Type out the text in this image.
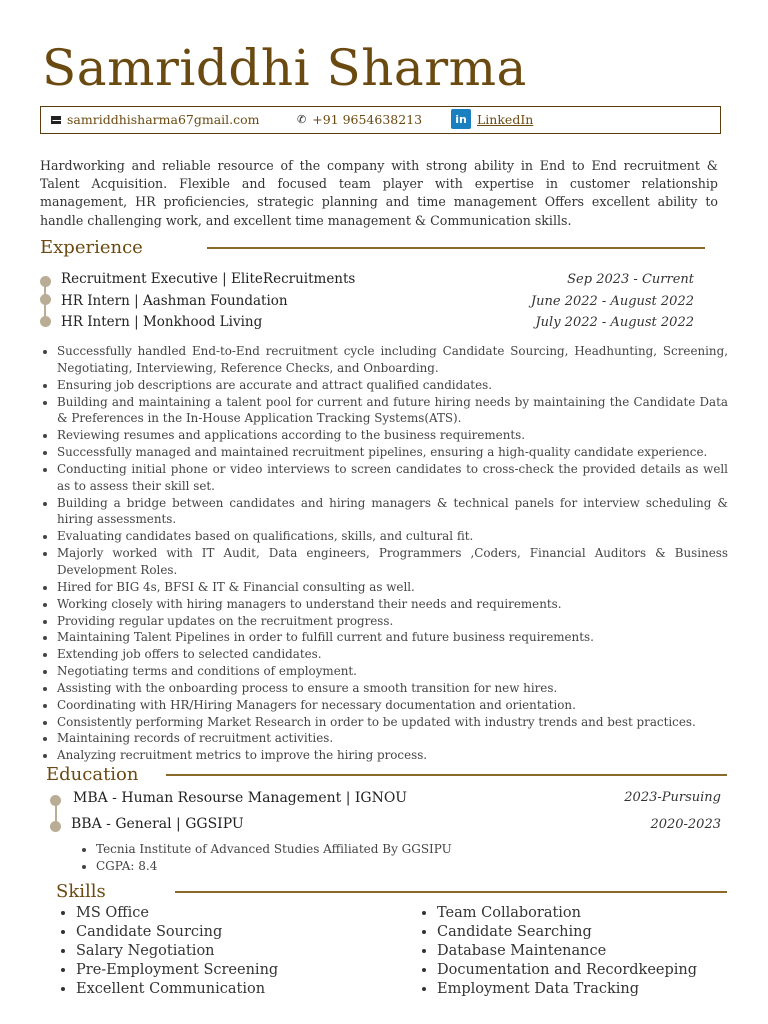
Samriddhi Sharma
samriddhisharma67gmail.com	✆ +91 9654638213	in LinkedIn
Hardworking and reliable resource of the company with strong ability in End to End recruitment & Talent Acquisition. Flexible and focused team player with expertise in customer relationship management, HR proficiencies, strategic planning and time management Offers excellent ability to handle challenging work, and excellent time management & Communication skills.
Experience
Recruitment Executive | EliteRecruitments	Sep 2023 - Current
HR Intern | Aashman Foundation	June 2022 - August 2022
HR Intern | Monkhood Living	July 2022 - August 2022
• Successfully handled End-to-End recruitment cycle including Candidate Sourcing, Headhunting, Screening, Negotiating, Interviewing, Reference Checks, and Onboarding.
• Ensuring job descriptions are accurate and attract qualified candidates.
• Building and maintaining a talent pool for current and future hiring needs by maintaining the Candidate Data & Preferences in the In-House Application Tracking Systems(ATS).
• Reviewing resumes and applications according to the business requirements.
• Successfully managed and maintained recruitment pipelines, ensuring a high-quality candidate experience.
• Conducting initial phone or video interviews to screen candidates to cross-check the provided details as well as to assess their skill set.
• Building a bridge between candidates and hiring managers & technical panels for interview scheduling & hiring assessments.
• Evaluating candidates based on qualifications, skills, and cultural fit.
• Majorly worked with IT Audit, Data engineers, Programmers ,Coders, Financial Auditors & Business Development Roles.
• Hired for BIG 4s, BFSI & IT & Financial consulting as well.
• Working closely with hiring managers to understand their needs and requirements.
• Providing regular updates on the recruitment progress.
• Maintaining Talent Pipelines in order to fulfill current and future business requirements.
• Extending job offers to selected candidates.
• Negotiating terms and conditions of employment.
• Assisting with the onboarding process to ensure a smooth transition for new hires.
• Coordinating with HR/Hiring Managers for necessary documentation and orientation.
• Consistently performing Market Research in order to be updated with industry trends and best practices.
• Maintaining records of recruitment activities.
• Analyzing recruitment metrics to improve the hiring process.
Education
MBA - Human Resourse Management | IGNOU	2023-Pursuing
BBA - General | GGSIPU	2020-2023
• Tecnia Institute of Advanced Studies Affiliated By GGSIPU
• CGPA: 8.4
Skills
• MS Office
• Candidate Sourcing
• Salary Negotiation
• Pre-Employment Screening
• Excellent Communication
• Team Collaboration
• Candidate Searching
• Database Maintenance
• Documentation and Recordkeeping
• Employment Data Tracking
